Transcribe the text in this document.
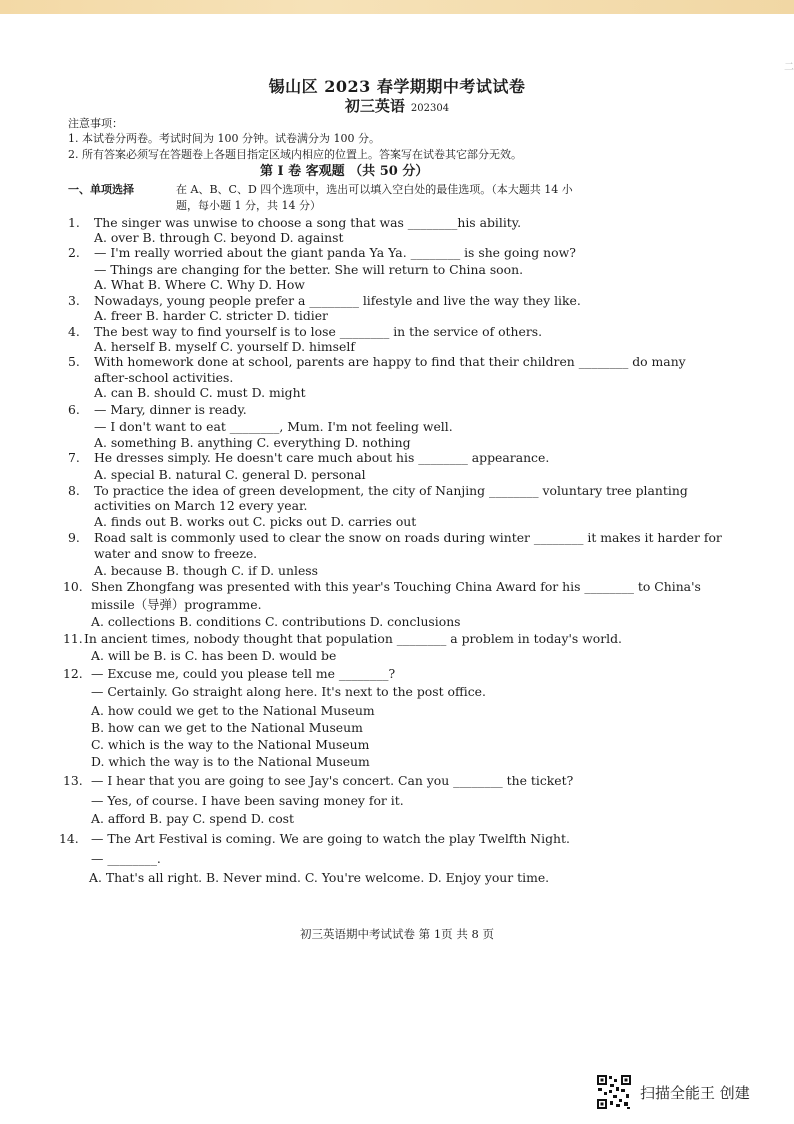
二
锡山区 2023 春学期期中考试试卷
初三英语 202304
注意事项：
1. 本试卷分两卷。考试时间为 100 分钟。试卷满分为 100 分。
2. 所有答案必须写在答题卷上各题目指定区域内相应的位置上。答案写在试卷其它部分无效。
第 I 卷 客观题 （共 50 分）
一、单项选择	在 A、B、C、D 四个选项中，选出可以填入空白处的最佳选项。（本大题共 14 小
题，每小题 1 分，共 14 分）
1.
2.
3.
4.
5.
6.
7.
8.
9.
10.
11.
12.
13.
14.
The singer was unwise to choose a song that was ________his ability.
A. over B. through C. beyond D. against
— I'm really worried about the giant panda Ya Ya. ________ is she going now?
— Things are changing for the better. She will return to China soon.
A. What B. Where C. Why D. How
Nowadays, young people prefer a ________ lifestyle and live the way they like.
A. freer B. harder C. stricter D. tidier
The best way to find yourself is to lose ________ in the service of others.
A. herself B. myself C. yourself D. himself
With homework done at school, parents are happy to find that their children ________ do many
after-school activities.
A. can B. should C. must D. might
— Mary, dinner is ready.
— I don't want to eat ________, Mum. I'm not feeling well.
A. something B. anything C. everything D. nothing
He dresses simply. He doesn't care much about his ________ appearance.
A. special B. natural C. general D. personal
To practice the idea of green development, the city of Nanjing ________ voluntary tree planting
activities on March 12 every year.
A. finds out B. works out C. picks out D. carries out
Road salt is commonly used to clear the snow on roads during winter ________ it makes it harder for
water and snow to freeze.
A. because B. though C. if D. unless
Shen Zhongfang was presented with this year's Touching China Award for his ________ to China's
missile（导弹）programme.
A. collections B. conditions C. contributions D. conclusions
In ancient times, nobody thought that population ________ a problem in today's world.
A. will be B. is C. has been D. would be
— Excuse me, could you please tell me ________?
— Certainly. Go straight along here. It's next to the post office.
A. how could we get to the National Museum
B. how can we get to the National Museum
C. which is the way to the National Museum
D. which the way is to the National Museum
— I hear that you are going to see Jay's concert. Can you ________ the ticket?
— Yes, of course. I have been saving money for it.
A. afford B. pay C. spend D. cost
— The Art Festival is coming. We are going to watch the play Twelfth Night.
— ________.
A. That's all right. B. Never mind. C. You're welcome. D. Enjoy your time.
初三英语期中考试试卷 第 1页 共 8 页
扫描全能王 创建
